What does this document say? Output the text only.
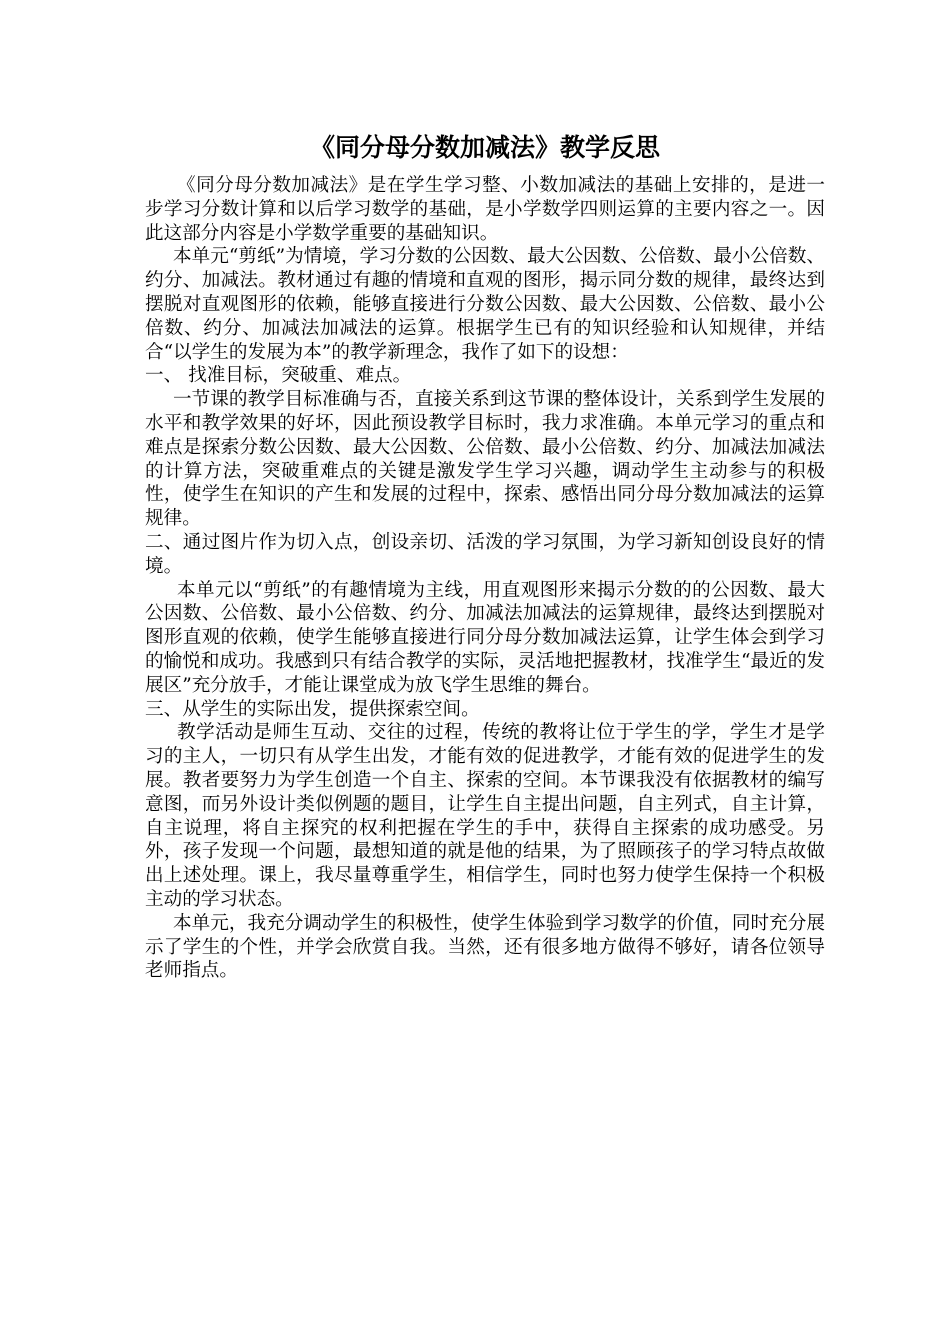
《同分母分数加减法》教学反思

《同分母分数加减法》是在学生学习整、小数加减法的基础上安排的，是进一步学习分数计算和以后学习数学的基础，是小学数学四则运算的主要内容之一。因此这部分内容是小学数学重要的基础知识。

本单元“剪纸”为情境，学习分数的公因数、最大公因数、公倍数、最小公倍数、约分、加减法。教材通过有趣的情境和直观的图形，揭示同分数的规律，最终达到摆脱对直观图形的依赖，能够直接进行分数公因数、最大公因数、公倍数、最小公倍数、约分、加减法加减法的运算。根据学生已有的知识经验和认知规律，并结合“以学生的发展为本”的教学新理念，我作了如下的设想：

一、 找准目标，突破重、难点。

一节课的教学目标准确与否，直接关系到这节课的整体设计，关系到学生发展的水平和教学效果的好坏，因此预设教学目标时，我力求准确。本单元学习的重点和难点是探索分数公因数、最大公因数、公倍数、最小公倍数、约分、加减法加减法的计算方法，突破重难点的关键是激发学生学习兴趣，调动学生主动参与的积极性，使学生在知识的产生和发展的过程中，探索、感悟出同分母分数加减法的运算规律。

二、通过图片作为切入点，创设亲切、活泼的学习氛围，为学习新知创设良好的情境。

本单元以“剪纸”的有趣情境为主线，用直观图形来揭示分数的的公因数、最大公因数、公倍数、最小公倍数、约分、加减法加减法的运算规律，最终达到摆脱对图形直观的依赖，使学生能够直接进行同分母分数加减法运算，让学生体会到学习的愉悦和成功。我感到只有结合教学的实际，灵活地把握教材，找准学生“最近的发展区”充分放手，才能让课堂成为放飞学生思维的舞台。

三、从学生的实际出发，提供探索空间。

教学活动是师生互动、交往的过程，传统的教将让位于学生的学，学生才是学习的主人，一切只有从学生出发，才能有效的促进教学，才能有效的促进学生的发展。教者要努力为学生创造一个自主、探索的空间。本节课我没有依据教材的编写意图，而另外设计类似例题的题目，让学生自主提出问题，自主列式，自主计算，自主说理，将自主探究的权利把握在学生的手中，获得自主探索的成功感受。另外，孩子发现一个问题，最想知道的就是他的结果，为了照顾孩子的学习特点故做出上述处理。课上，我尽量尊重学生，相信学生，同时也努力使学生保持一个积极主动的学习状态。

本单元，我充分调动学生的积极性，使学生体验到学习数学的价值，同时充分展示了学生的个性，并学会欣赏自我。当然，还有很多地方做得不够好，请各位领导老师指点。
